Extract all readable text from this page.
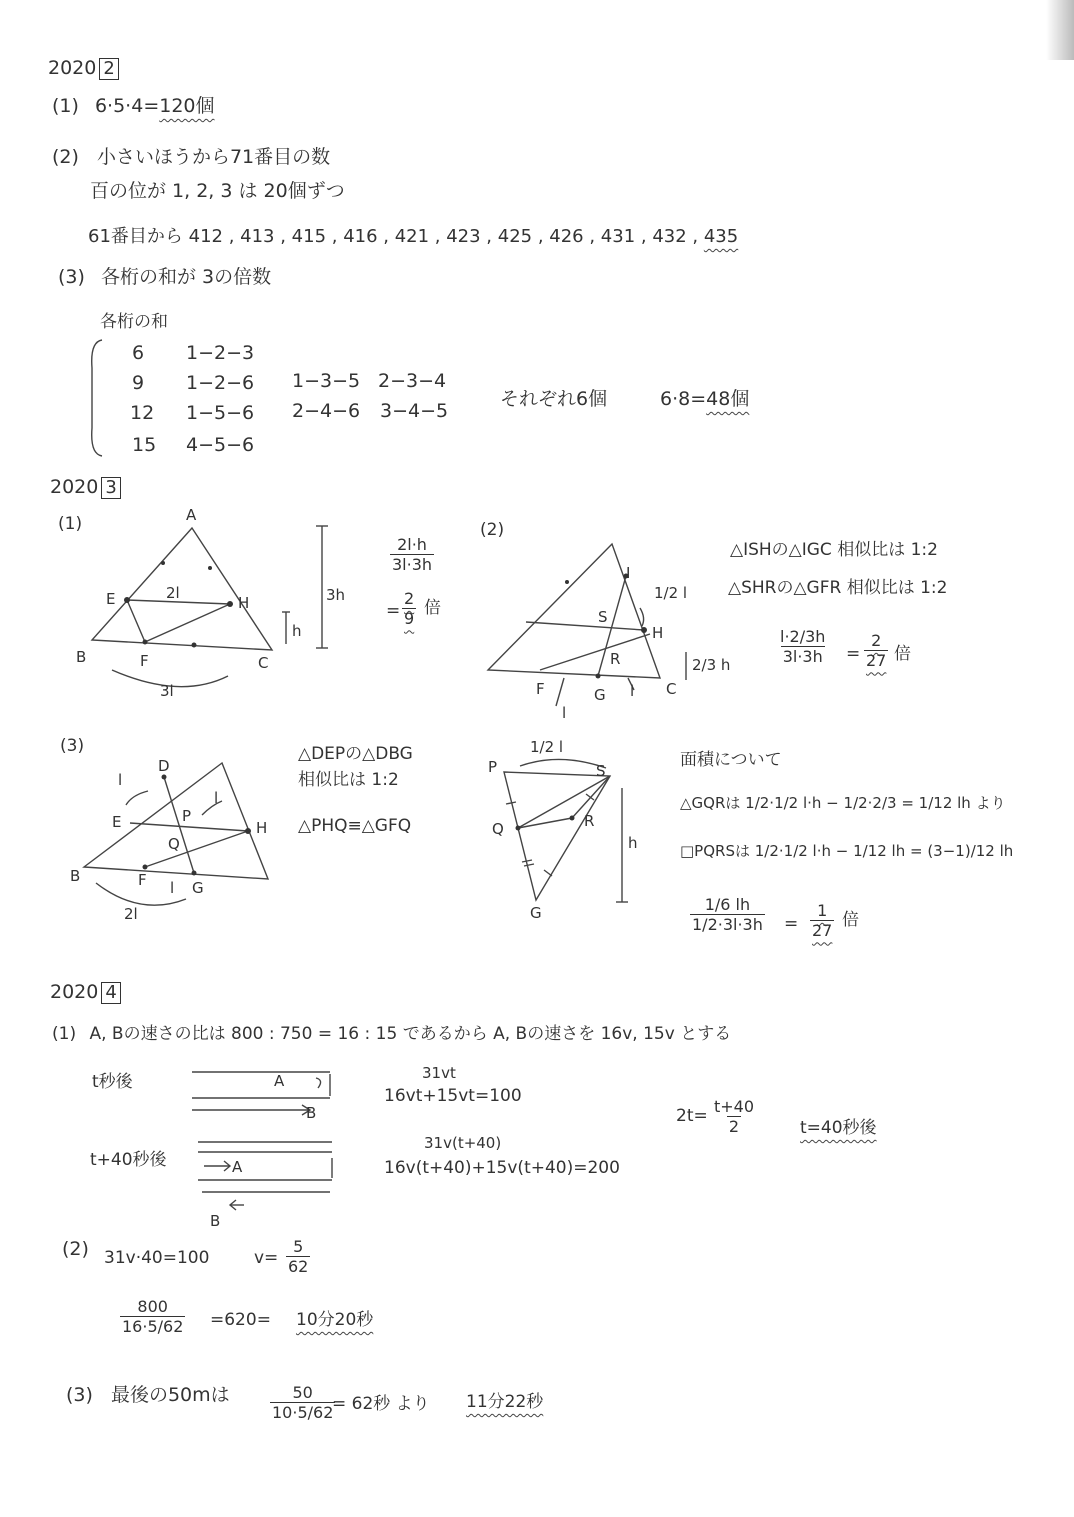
2020 2
(1) 6·5·4=120個
(2) 小さいほうから71番目の数
百の位が 1, 2, 3 は 20個ずつ
61番目から 412 , 413 , 415 , 416 , 421 , 423 , 425 , 426 , 431 , 432 , 435
(3) 各桁の和が 3の倍数
各桁の和
6 1−2−3
9 1−2−6 1−3−5 2−3−4
12 1−5−6 2−4−6 3−4−5
15 4−5−6
それぞれ6個	6·8=48個
2020 3
(1)	A
E	H
B	F	C
2l
3l
h
3h
$\frac{2l\cdot h}{3l\cdot 3h}$
= $\frac{2}{9}$ 倍
(2)
I
S
H
R
F	G	C
1/2 l
l
l
2/3 h
△ISHの△IGC 相似比は 1:2
△SHRの△GFR 相似比は 1:2
$\frac{l\cdot 2/3h}{3l\cdot 3h} = \frac{2}{27}$ 倍
(3)
D
E	P
Q
H
B	F	G
l
l
l
2l
△DEPの△DBG
相似比は 1:2
△PHQ≡△GFQ
P	S
Q	R
G
1/2 l
h
面積について
△GQRは 1/2·1/2 l·h − 1/2·2/3 = 1/12 lh より
□PQRSは 1/2·1/2 l·h − 1/12 lh = (3−1)/12 lh
$\frac{1/6 lh}{1/2\cdot 3l\cdot 3h} = \frac{1}{27}$ 倍
2020 4
(1) A, Bの速さの比は 800 : 750 = 16 : 15 であるから A, Bの速さを 16v, 15v とする
t秒後
t+40秒後
A
B
A
B
31vt
16vt+15vt=100
31v(t+40)
16v(t+40)+15v(t+40)=200
$2t= \frac{t+40}{2}$	t=40秒後
(2) 31v·40=100	$v= \frac{5}{62}$
$\frac{800}{16\cdot 5/62} =620= 10$分20秒
(3) 最後の50mは	$\frac{50}{10\cdot 5/62}$
= 62秒 より 11分22秒
